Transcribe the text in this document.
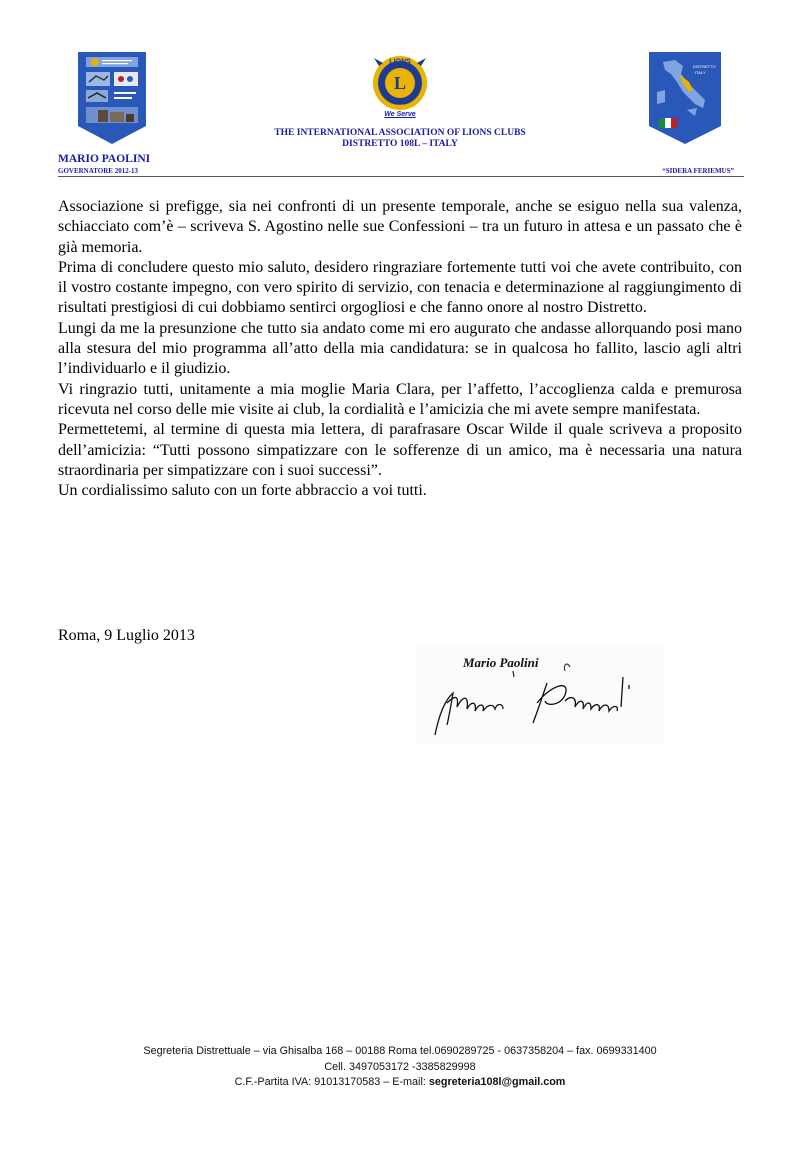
LIONS
L
INTERNATIONAL
We Serve
THE INTERNATIONAL ASSOCIATION OF LIONS CLUBS
DISTRETTO 108L – ITALY
DISTRETTO
ITALY
MARIO PAOLINI
GOVERNATORE 2012-13	“SIDERA FERIEMUS”

Associazione si prefigge, sia nei confronti di un presente temporale, anche se esiguo nella sua valenza, schiacciato com’è – scriveva S. Agostino nelle sue Confessioni – tra un futuro in attesa e un passato che è già memoria.

Prima di concludere questo mio saluto, desidero ringraziare fortemente tutti voi che avete contribuito, con il vostro costante impegno, con vero spirito di servizio, con tenacia e determinazione al raggiungimento di risultati prestigiosi di cui dobbiamo sentirci orgogliosi e che fanno onore al nostro Distretto.

Lungi da me la presunzione che tutto sia andato come mi ero augurato che andasse allorquando posi mano alla stesura del mio programma all’atto della mia candidatura: se in qualcosa ho fallito, lascio agli altri l’individuarlo e il giudizio.

Vi ringrazio tutti, unitamente a mia moglie Maria Clara, per l’affetto, l’accoglienza calda e premurosa ricevuta nel corso delle mie visite ai club, la cordialità e l’amicizia che mi avete sempre manifestata.

Permettetemi, al termine di questa mia lettera, di parafrasare Oscar Wilde il quale scriveva a proposito dell’amicizia: “Tutti possono simpatizzare con le sofferenze di un amico, ma è necessaria una natura straordinaria per simpatizzare con i suoi successi”.

Un cordialissimo saluto con un forte abbraccio a voi tutti.

Roma, 9 Luglio 2013
Mario Paolini
Segreteria Distrettuale – via Ghisalba 168 – 00188 Roma tel.0690289725 - 0637358204 – fax. 0699331400
Cell. 3497053172 -3385829998
C.F.-Partita IVA: 91013170583 – E-mail: segreteria108l@gmail.com
